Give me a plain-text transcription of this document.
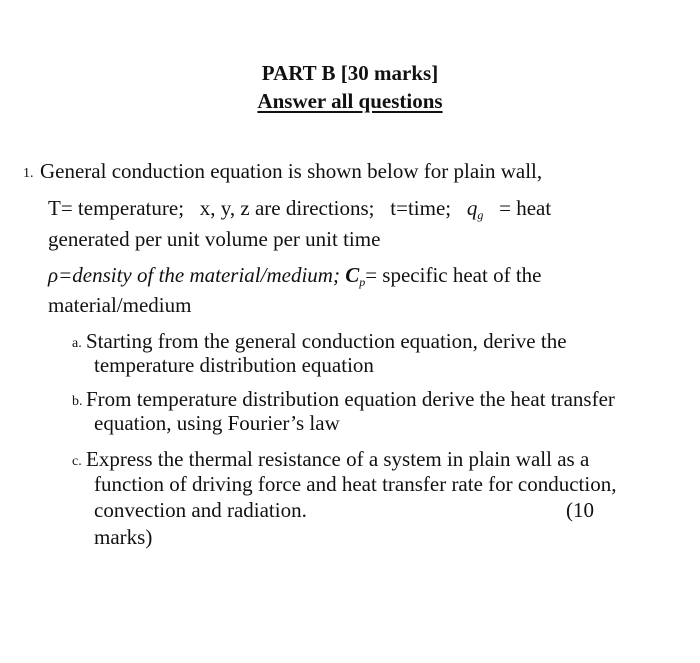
PART B [30 marks]
Answer all questions
1. General conduction equation is shown below for plain wall,
T= temperature; x, y, z are directions; t=time; $q_g$ = heat
generated per unit volume per unit time
ρ=density of the material/medium; $C_p=$ specific heat of the
material/medium
a. Starting from the general conduction equation, derive the
temperature distribution equation
b. From temperature distribution equation derive the heat transfer
equation, using Fourier’s law
c. Express the thermal resistance of a system in plain wall as a
function of driving force and heat transfer rate for conduction,
convection and radiation.	(10
marks)
